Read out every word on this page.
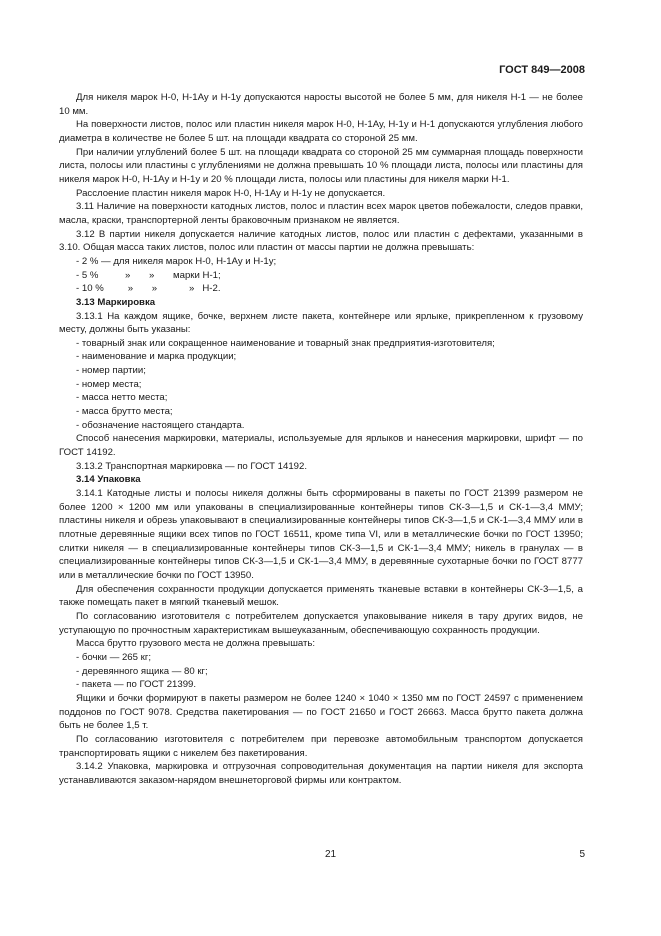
ГОСТ 849—2008
Для никеля марок Н-0, Н-1Ау и Н-1у допускаются наросты высотой не более 5 мм, для никеля Н-1 — не более 10 мм.
На поверхности листов, полос или пластин никеля марок Н-0, Н-1Ау, Н-1у и Н-1 допускаются углубления любого диаметра в количестве не более 5 шт. на площади квадрата со стороной 25 мм.
При наличии углублений более 5 шт. на площади квадрата со стороной 25 мм суммарная площадь поверхности листа, полосы или пластины с углублениями не должна превышать 10 % площади листа, полосы или пластины для никеля марок Н-0, Н-1Ау и Н-1у и 20 % площади листа, полосы или пластины для никеля марки Н-1.
Расслоение пластин никеля марок Н-0, Н-1Ау и Н-1у не допускается.
3.11 Наличие на поверхности катодных листов, полос и пластин всех марок цветов побежалости, следов правки, масла, краски, транспортерной ленты браковочным признаком не является.
3.12 В партии никеля допускается наличие катодных листов, полос или пластин с дефектами, указанными в 3.10. Общая масса таких листов, полос или пластин от массы партии не должна превышать:
- 2 % — для никеля марок Н-0, Н-1Ау и Н-1у;
- 5 %          »       »       марки Н-1;
- 10 %         »       »            »   Н-2.
3.13 Маркировка
3.13.1 На каждом ящике, бочке, верхнем листе пакета, контейнере или ярлыке, прикрепленном к грузовому месту, должны быть указаны:
- товарный знак или сокращенное наименование и товарный знак предприятия-изготовителя;
- наименование и марка продукции;
- номер партии;
- номер места;
- масса нетто места;
- масса брутто места;
- обозначение настоящего стандарта.
Способ нанесения маркировки, материалы, используемые для ярлыков и нанесения маркировки, шрифт — по ГОСТ 14192.
3.13.2 Транспортная маркировка — по ГОСТ 14192.
3.14 Упаковка
3.14.1 Катодные листы и полосы никеля должны быть сформированы в пакеты по ГОСТ 21399 размером не более 1200 × 1200 мм или упакованы в специализированные контейнеры типов СК-3—1,5 и СК-1—3,4 ММУ; пластины никеля и обрезь упаковывают в специализированные контейнеры типов СК-3—1,5 и СК-1—3,4 ММУ или в плотные деревянные ящики всех типов по ГОСТ 16511, кроме типа VI, или в металлические бочки по ГОСТ 13950; слитки никеля — в специализированные контейнеры типов СК-3—1,5 и СК-1—3,4 ММУ; никель в гранулах — в специализированные контейнеры типов СК-3—1,5 и СК-1—3,4 ММУ, в деревянные сухотарные бочки по ГОСТ 8777 или в металлические бочки по ГОСТ 13950.
Для обеспечения сохранности продукции допускается применять тканевые вставки в контейнеры СК-3—1,5, а также помещать пакет в мягкий тканевый мешок.
По согласованию изготовителя с потребителем допускается упаковывание никеля в тару других видов, не уступающую по прочностным характеристикам вышеуказанным, обеспечивающую сохранность продукции.
Масса брутто грузового места не должна превышать:
- бочки — 265 кг;
- деревянного ящика — 80 кг;
- пакета — по ГОСТ 21399.
Ящики и бочки формируют в пакеты размером не более 1240 × 1040 × 1350 мм по ГОСТ 24597 с применением поддонов по ГОСТ 9078. Средства пакетирования — по ГОСТ 21650 и ГОСТ 26663. Масса брутто пакета должна быть не более 1,5 т.
По согласованию изготовителя с потребителем при перевозке автомобильным транспортом допускается транспортировать ящики с никелем без пакетирования.
3.14.2 Упаковка, маркировка и отгрузочная сопроводительная документация на партии никеля для экспорта устанавливаются заказом-нарядом внешнеторговой фирмы или контрактом.
21	5
